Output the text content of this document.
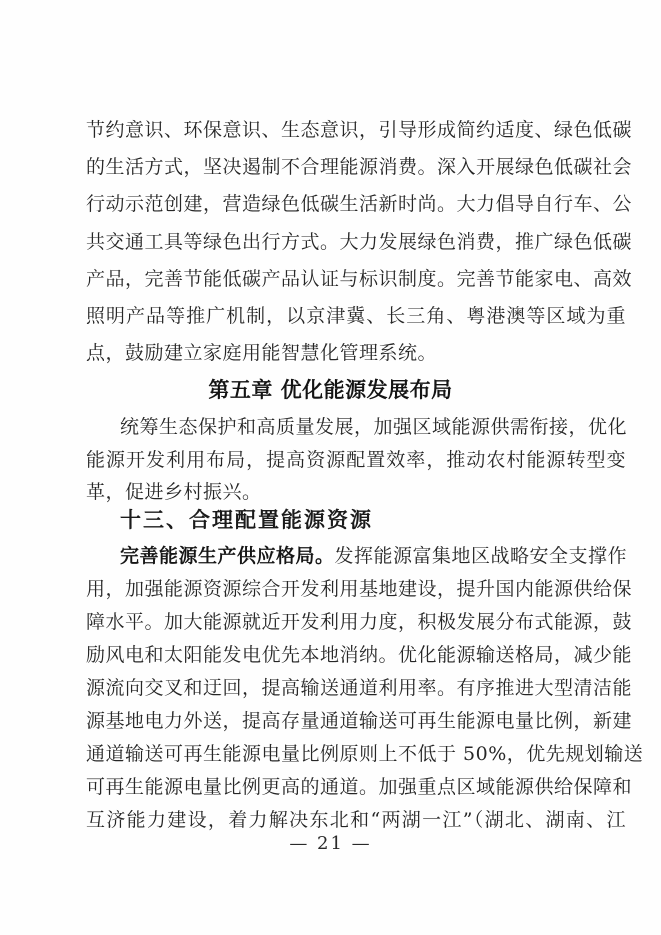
节约意识、环保意识、生态意识，引导形成简约适度、绿色低碳
的生活方式，坚决遏制不合理能源消费。深入开展绿色低碳社会
行动示范创建，营造绿色低碳生活新时尚。大力倡导自行车、公
共交通工具等绿色出行方式。大力发展绿色消费，推广绿色低碳
产品，完善节能低碳产品认证与标识制度。完善节能家电、高效
照明产品等推广机制，以京津冀、长三角、粤港澳等区域为重
点，鼓励建立家庭用能智慧化管理系统。
第五章 优化能源发展布局
统筹生态保护和高质量发展，加强区域能源供需衔接，优化
能源开发利用布局，提高资源配置效率，推动农村能源转型变
革，促进乡村振兴。
十三、合理配置能源资源
完善能源生产供应格局。发挥能源富集地区战略安全支撑作
用，加强能源资源综合开发利用基地建设，提升国内能源供给保
障水平。加大能源就近开发利用力度，积极发展分布式能源，鼓
励风电和太阳能发电优先本地消纳。优化能源输送格局，减少能
源流向交叉和迂回，提高输送通道利用率。有序推进大型清洁能
源基地电力外送，提高存量通道输送可再生能源电量比例，新建
通道输送可再生能源电量比例原则上不低于 50%，优先规划输送
可再生能源电量比例更高的通道。加强重点区域能源供给保障和
互济能力建设，着力解决东北和“两湖一江”（湖北、湖南、江
— 21 —
